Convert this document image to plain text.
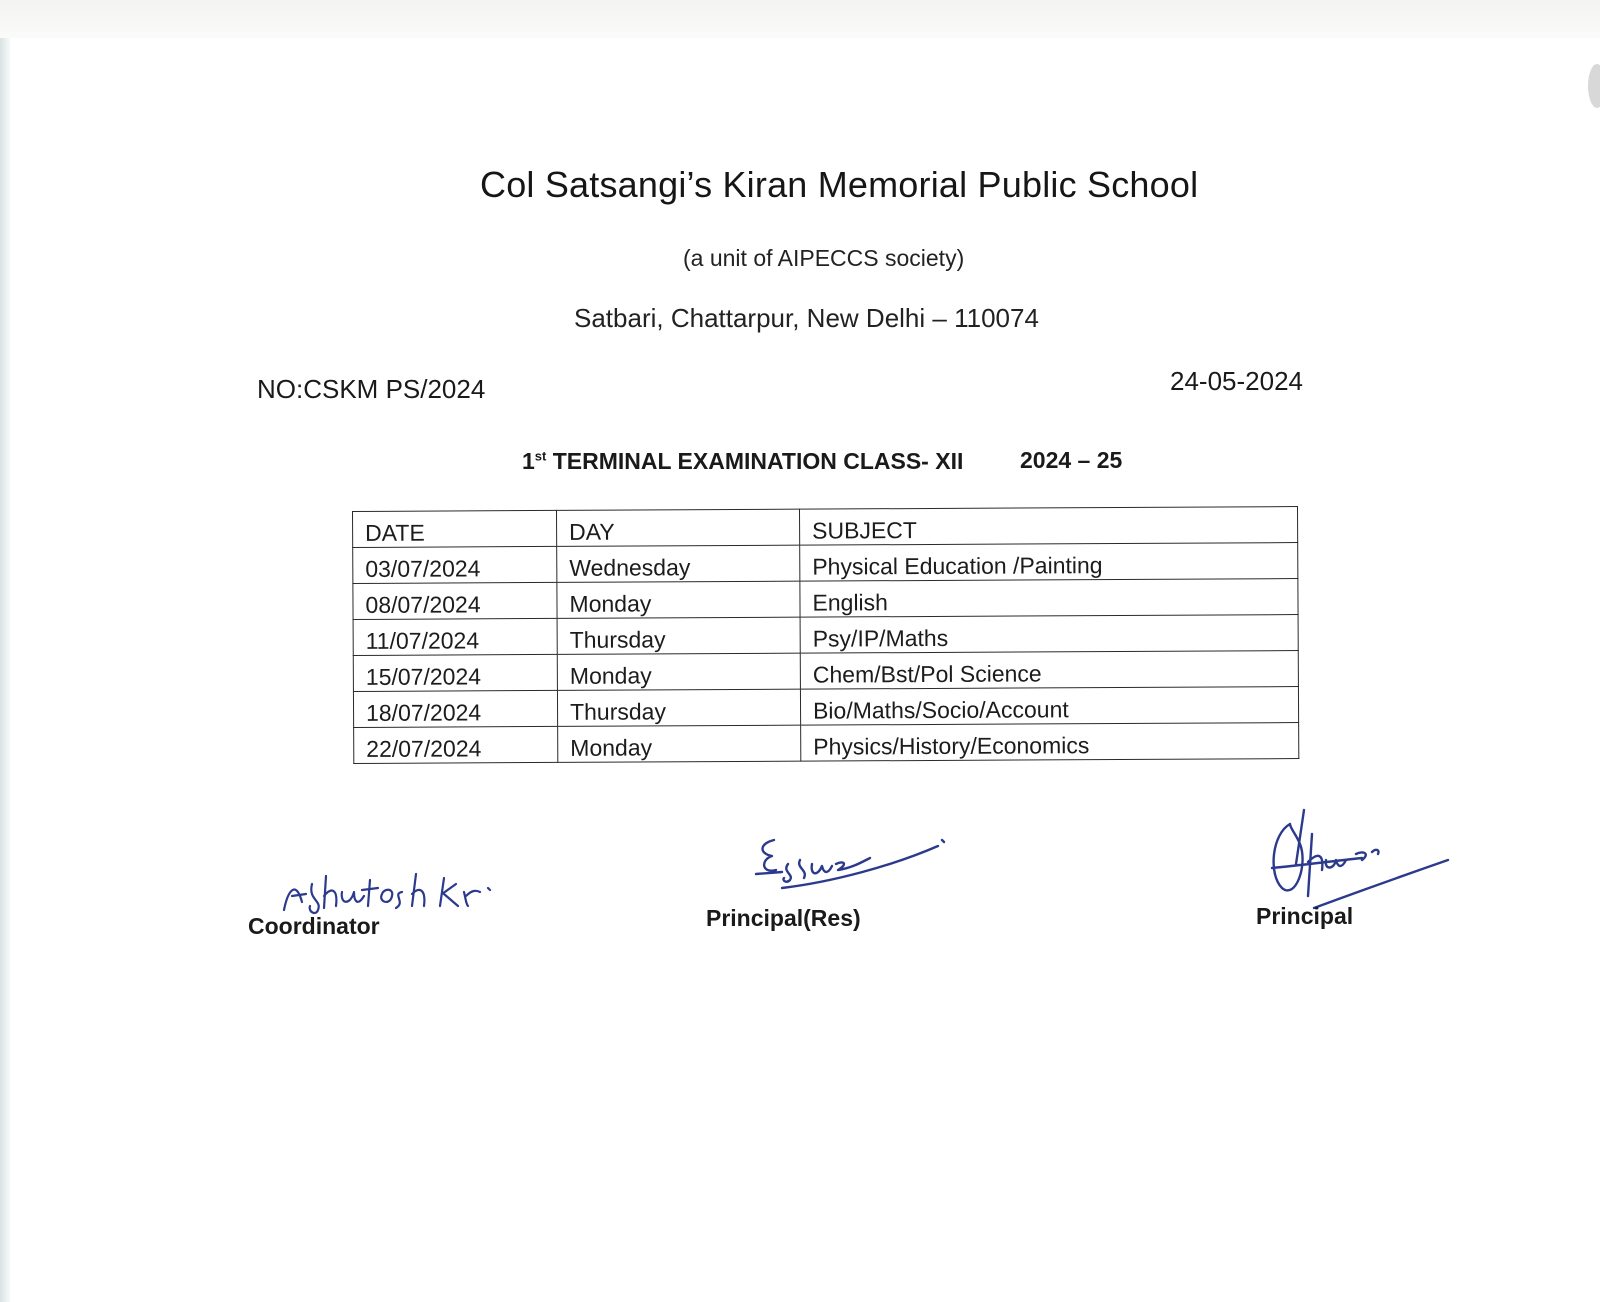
Col Satsangi’s Kiran Memorial Public School
(a unit of AIPECCS society)
Satbari, Chattarpur, New Delhi – 110074
NO:CSKM PS/2024	24-05-2024
1st TERMINAL EXAMINATION CLASS- XII 2024 – 25
DATE	DAY	SUBJECT
03/07/2024	Wednesday	Physical Education /Painting
08/07/2024	Monday	English
11/07/2024	Thursday	Psy/IP/Maths
15/07/2024	Monday	Chem/Bst/Pol Science
18/07/2024	Thursday	Bio/Maths/Socio/Account
22/07/2024	Monday	Physics/History/Economics
Coordinator	Principal(Res)	Principal
